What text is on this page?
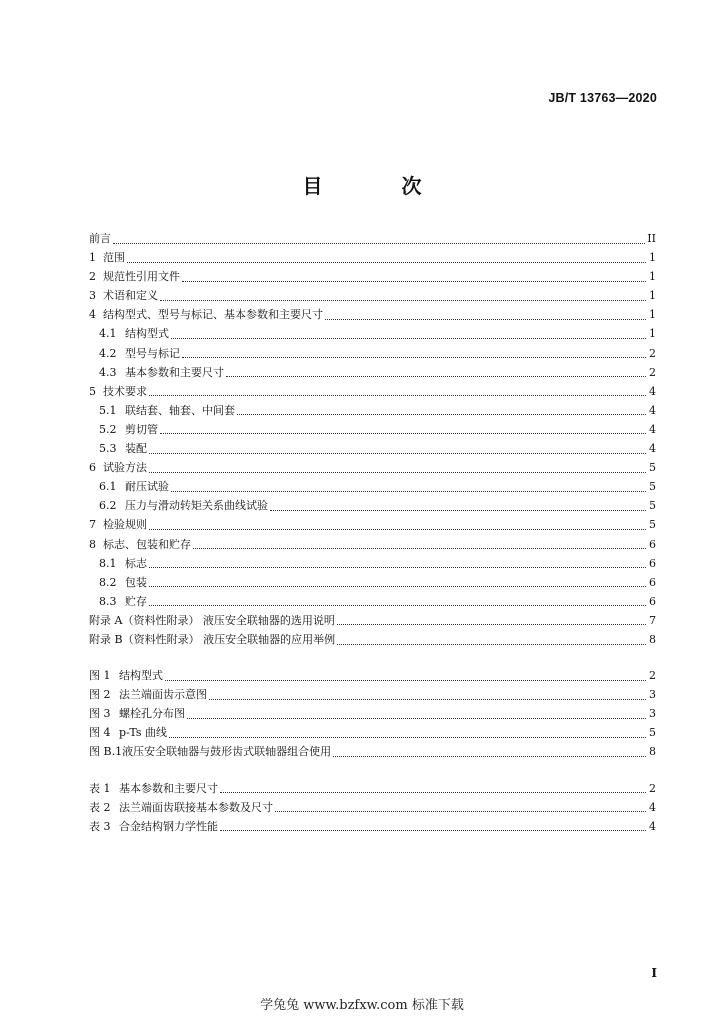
JB/T 13763—2020
目 次
前言	II
1 范围	1
2 规范性引用文件	1
3 术语和定义	1
4 结构型式、型号与标记、基本参数和主要尺寸	1
4.1 结构型式	1
4.2 型号与标记	2
4.3 基本参数和主要尺寸	2
5 技术要求	4
5.1 联结套、轴套、中间套	4
5.2 剪切管	4
5.3 装配	4
6 试验方法	5
6.1 耐压试验	5
6.2 压力与滑动转矩关系曲线试验	5
7 检验规则	5
8 标志、包装和贮存	6
8.1 标志	6
8.2 包装	6
8.3 贮存	6
附录 A（资料性附录） 液压安全联轴器的选用说明	7
附录 B（资料性附录） 液压安全联轴器的应用举例	8
图 1 结构型式	2
图 2 法兰端面齿示意图	3
图 3 螺栓孔分布图	3
图 4 p-Ts 曲线	5
图 B.1 液压安全联轴器与鼓形齿式联轴器组合使用	8
表 1 基本参数和主要尺寸	2
表 2 法兰端面齿联接基本参数及尺寸	4
表 3 合金结构钢力学性能	4
I
学兔兔 www.bzfxw.com 标准下载
